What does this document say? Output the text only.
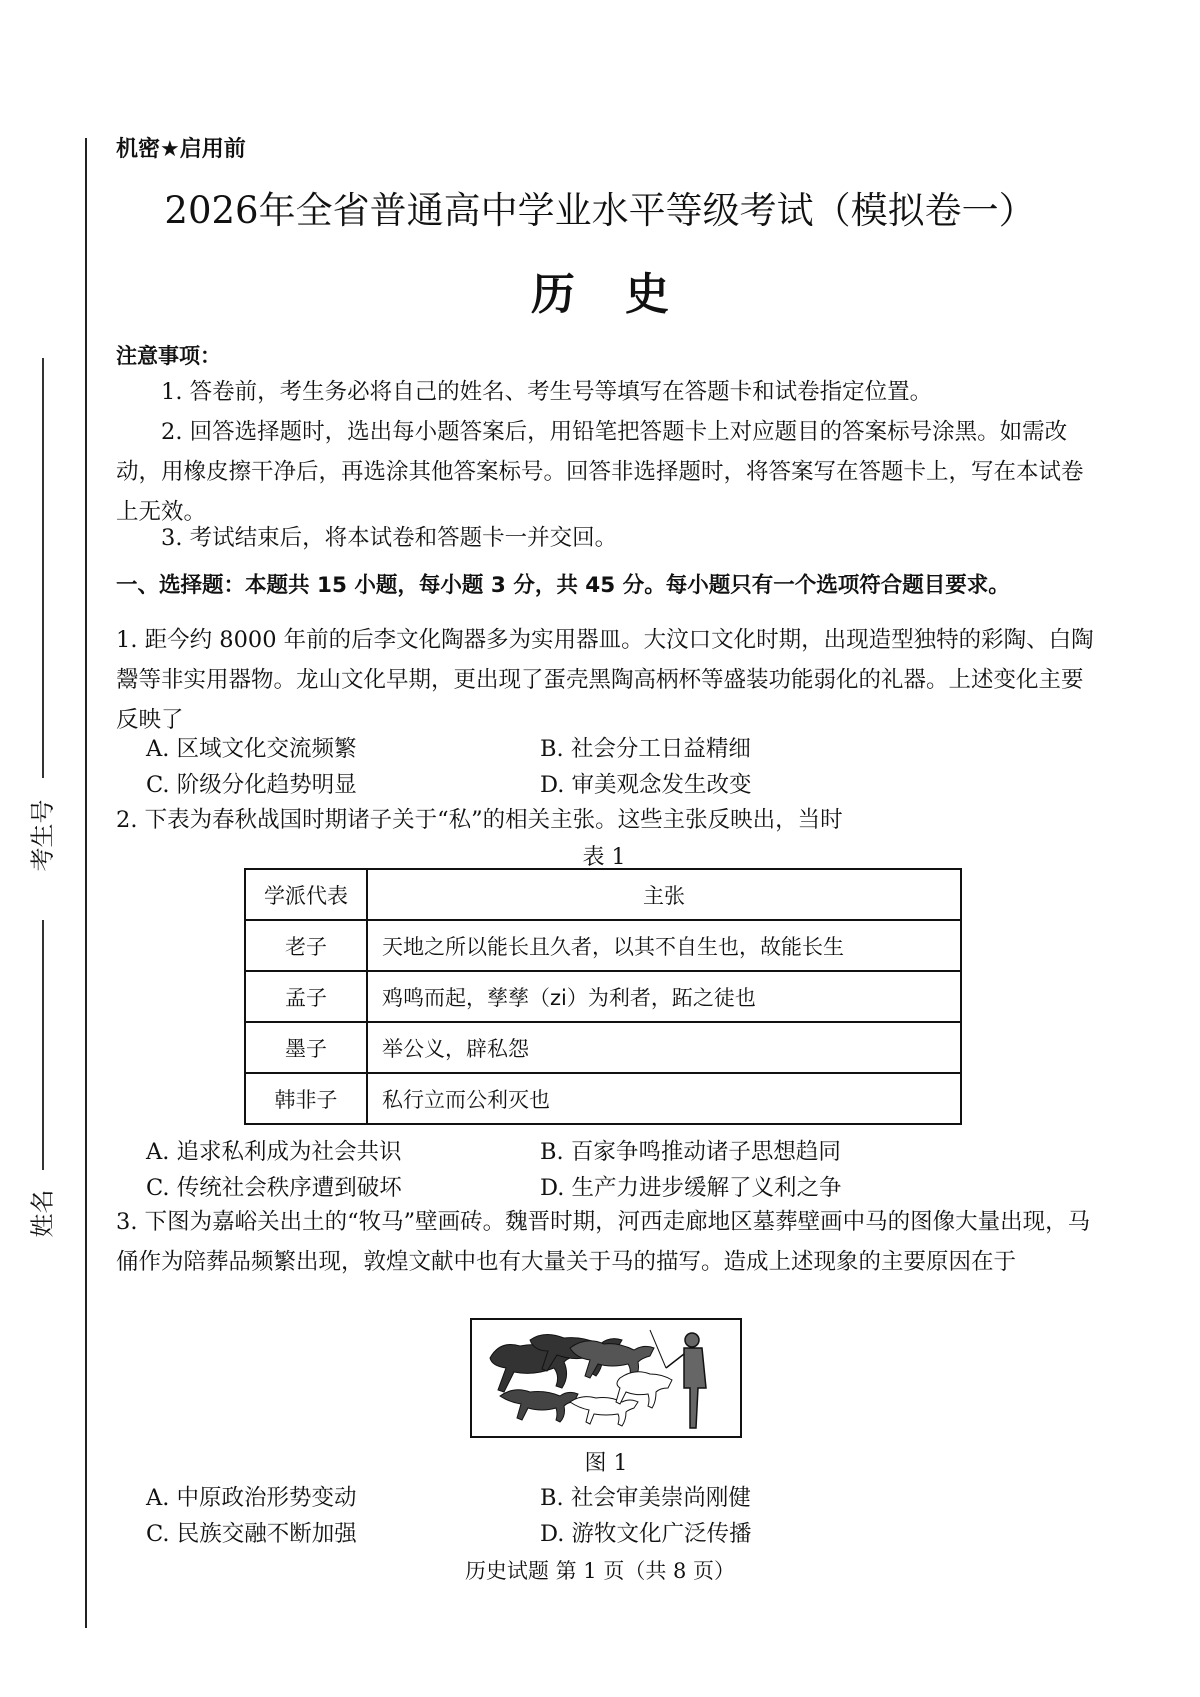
考生号
姓名
机密★启用前
2026年全省普通高中学业水平等级考试（模拟卷一）
历史
注意事项：
1. 答卷前，考生务必将自己的姓名、考生号等填写在答题卡和试卷指定位置。
2. 回答选择题时，选出每小题答案后，用铅笔把答题卡上对应题目的答案标号涂黑。如需改动，用橡皮擦干净后，再选涂其他答案标号。回答非选择题时，将答案写在答题卡上，写在本试卷上无效。
3. 考试结束后，将本试卷和答题卡一并交回。
一、选择题：本题共 15 小题，每小题 3 分，共 45 分。每小题只有一个选项符合题目要求。
1. 距今约 8000 年前的后李文化陶器多为实用器皿。大汶口文化时期，出现造型独特的彩陶、白陶鬶等非实用器物。龙山文化早期，更出现了蛋壳黑陶高柄杯等盛装功能弱化的礼器。上述变化主要反映了
A. 区域文化交流频繁	B. 社会分工日益精细
C. 阶级分化趋势明显	D. 审美观念发生改变
2. 下表为春秋战国时期诸子关于“私”的相关主张。这些主张反映出，当时
表 1
学派代表	主张
老子	天地之所以能长且久者，以其不自生也，故能长生
孟子	鸡鸣而起，孳孳（zi）为利者，跖之徒也
墨子	举公义，辟私怨
韩非子	私行立而公利灭也
A. 追求私利成为社会共识	B. 百家争鸣推动诸子思想趋同
C. 传统社会秩序遭到破坏	D. 生产力进步缓解了义利之争
3. 下图为嘉峪关出土的“牧马”壁画砖。魏晋时期，河西走廊地区墓葬壁画中马的图像大量出现，马俑作为陪葬品频繁出现，敦煌文献中也有大量关于马的描写。造成上述现象的主要原因在于
图 1
A. 中原政治形势变动	B. 社会审美崇尚刚健
C. 民族交融不断加强	D. 游牧文化广泛传播
历史试题 第 1 页（共 8 页）
